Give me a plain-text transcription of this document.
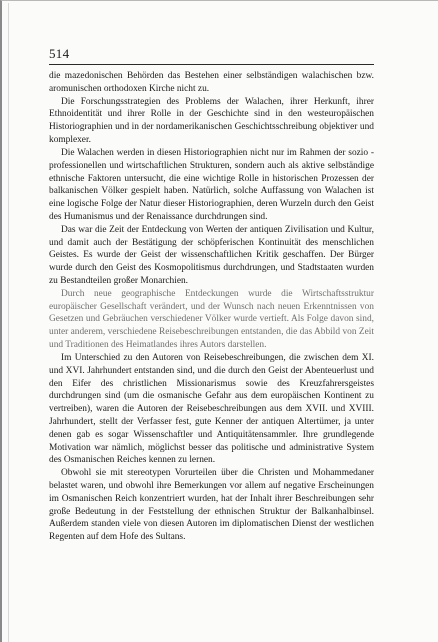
514

die mazedonischen Behörden das Bestehen einer selbständigen walachischen bzw. aromunischen orthodoxen Kirche nicht zu.

Die Forschungsstrategien des Problems der Walachen, ihrer Herkunft, ihrer Ethnoidentität und ihrer Rolle in der Geschichte sind in den westeuropäischen Historiographien und in der nordamerikanischen Geschichtsschreibung objektiver und komplexer.

Die Walachen werden in diesen Historiographien nicht nur im Rahmen der sozio - professionellen und wirtschaftlichen Strukturen, sondern auch als aktive selbständige ethnische Faktoren untersucht, die eine wichtige Rolle in historischen Prozessen der balkanischen Völker gespielt haben. Natürlich, solche Auffassung von Walachen ist eine logische Folge der Natur dieser Historiographien, deren Wurzeln durch den Geist des Humanismus und der Renaissance durchdrungen sind.

Das war die Zeit der Entdeckung von Werten der antiquen Zivilisation und Kultur, und damit auch der Bestätigung der schöpferischen Kontinuität des menschlichen Geistes. Es wurde der Geist der wissenschaftlichen Kritik geschaffen. Der Bürger wurde durch den Geist des Kosmopolitismus durchdrungen, und Stadtstaaten wurden zu Bestandteilen großer Monarchien.

Durch neue geographische Entdeckungen wurde die Wirtschaftsstruktur europäischer Gesellschaft verändert, und der Wunsch nach neuen Erkenntnissen von Gesetzen und Gebräuchen verschiedener Völker wurde vertieft. Als Folge davon sind, unter anderem, verschiedene Reisebeschreibungen entstanden, die das Abbild von Zeit und Traditionen des Heimatlandes ihres Autors darstellen.

Im Unterschied zu den Autoren von Reisebeschreibungen, die zwischen dem XI. und XVI. Jahrhundert entstanden sind, und die durch den Geist der Abenteuerlust und den Eifer des christlichen Missionarismus sowie des Kreuzfahrersgeistes durchdrungen sind (um die osmanische Gefahr aus dem europäischen Kontinent zu vertreiben), waren die Autoren der Reisebeschreibungen aus dem XVII. und XVIII. Jahrhundert, stellt der Verfasser fest, gute Kenner der antiquen Altertümer, ja unter denen gab es sogar Wissenschaftler und Antiquitätensammler. Ihre grundlegende Motivation war nämlich, möglichst besser das politische und administrative System des Osmanischen Reiches kennen zu lernen.

Obwohl sie mit stereotypen Vorurteilen über die Christen und Mohammedaner belastet waren, und obwohl ihre Bemerkungen vor allem auf negative Erscheinungen im Osmanischen Reich konzentriert wurden, hat der Inhalt ihrer Beschreibungen sehr große Bedeutung in der Feststellung der ethnischen Struktur der Balkanhalbinsel. Außerdem standen viele von diesen Autoren im diplomatischen Dienst der westlichen Regenten auf dem Hofe des Sultans.
